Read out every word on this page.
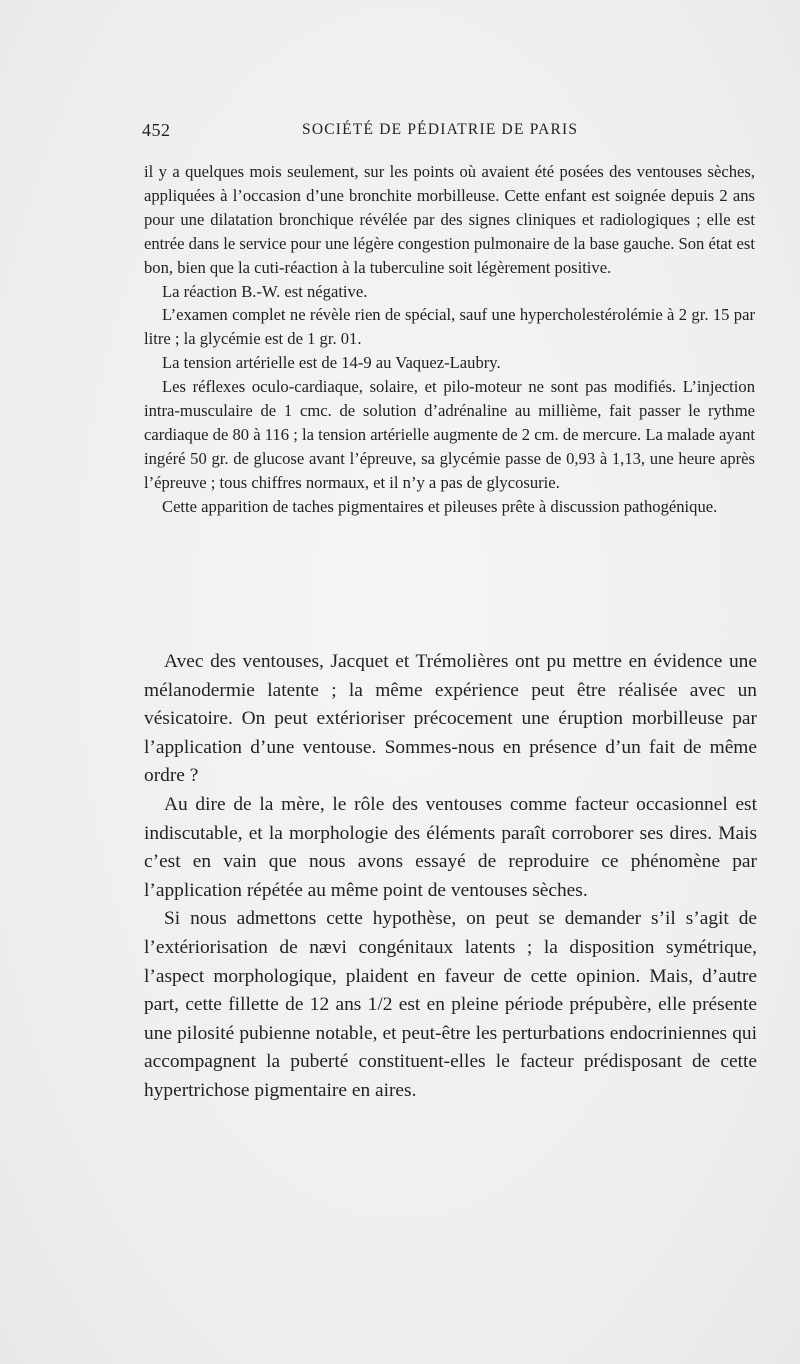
452	SOCIÉTÉ DE PÉDIATRIE DE PARIS

il y a quelques mois seulement, sur les points où avaient été posées des ventouses sèches, appliquées à l’occasion d’une bronchite morbilleuse. Cette enfant est soignée depuis 2 ans pour une dilatation bronchique révélée par des signes cliniques et radiologiques ; elle est entrée dans le service pour une légère congestion pulmonaire de la base gauche. Son état est bon, bien que la cuti-réaction à la tuberculine soit légèrement positive.

La réaction B.-W. est négative.

L’examen complet ne révèle rien de spécial, sauf une hypercholestérolémie à 2 gr. 15 par litre ; la glycémie est de 1 gr. 01.

La tension artérielle est de 14-9 au Vaquez-Laubry.

Les réflexes oculo-cardiaque, solaire, et pilo-moteur ne sont pas modifiés. L’injection intra-musculaire de 1 cmc. de solution d’adrénaline au millième, fait passer le rythme cardiaque de 80 à 116 ; la tension artérielle augmente de 2 cm. de mercure. La malade ayant ingéré 50 gr. de glucose avant l’épreuve, sa glycémie passe de 0,93 à 1,13, une heure après l’épreuve ; tous chiffres normaux, et il n’y a pas de glycosurie.

Cette apparition de taches pigmentaires et pileuses prête à discussion pathogénique.

Avec des ventouses, Jacquet et Trémolières ont pu mettre en évidence une mélanodermie latente ; la même expérience peut être réalisée avec un vésicatoire. On peut extérioriser précocement une éruption morbilleuse par l’application d’une ventouse. Sommes-nous en présence d’un fait de même ordre ?

Au dire de la mère, le rôle des ventouses comme facteur occasionnel est indiscutable, et la morphologie des éléments paraît corroborer ses dires. Mais c’est en vain que nous avons essayé de reproduire ce phénomène par l’application répétée au même point de ventouses sèches.

Si nous admettons cette hypothèse, on peut se demander s’il s’agit de l’extériorisation de nævi congénitaux latents ; la disposition symétrique, l’aspect morphologique, plaident en faveur de cette opinion. Mais, d’autre part, cette fillette de 12 ans 1/2 est en pleine période prépubère, elle présente une pilosité pubienne notable, et peut-être les perturbations endocriniennes qui accompagnent la puberté constituent-elles le facteur prédisposant de cette hypertrichose pigmentaire en aires.
